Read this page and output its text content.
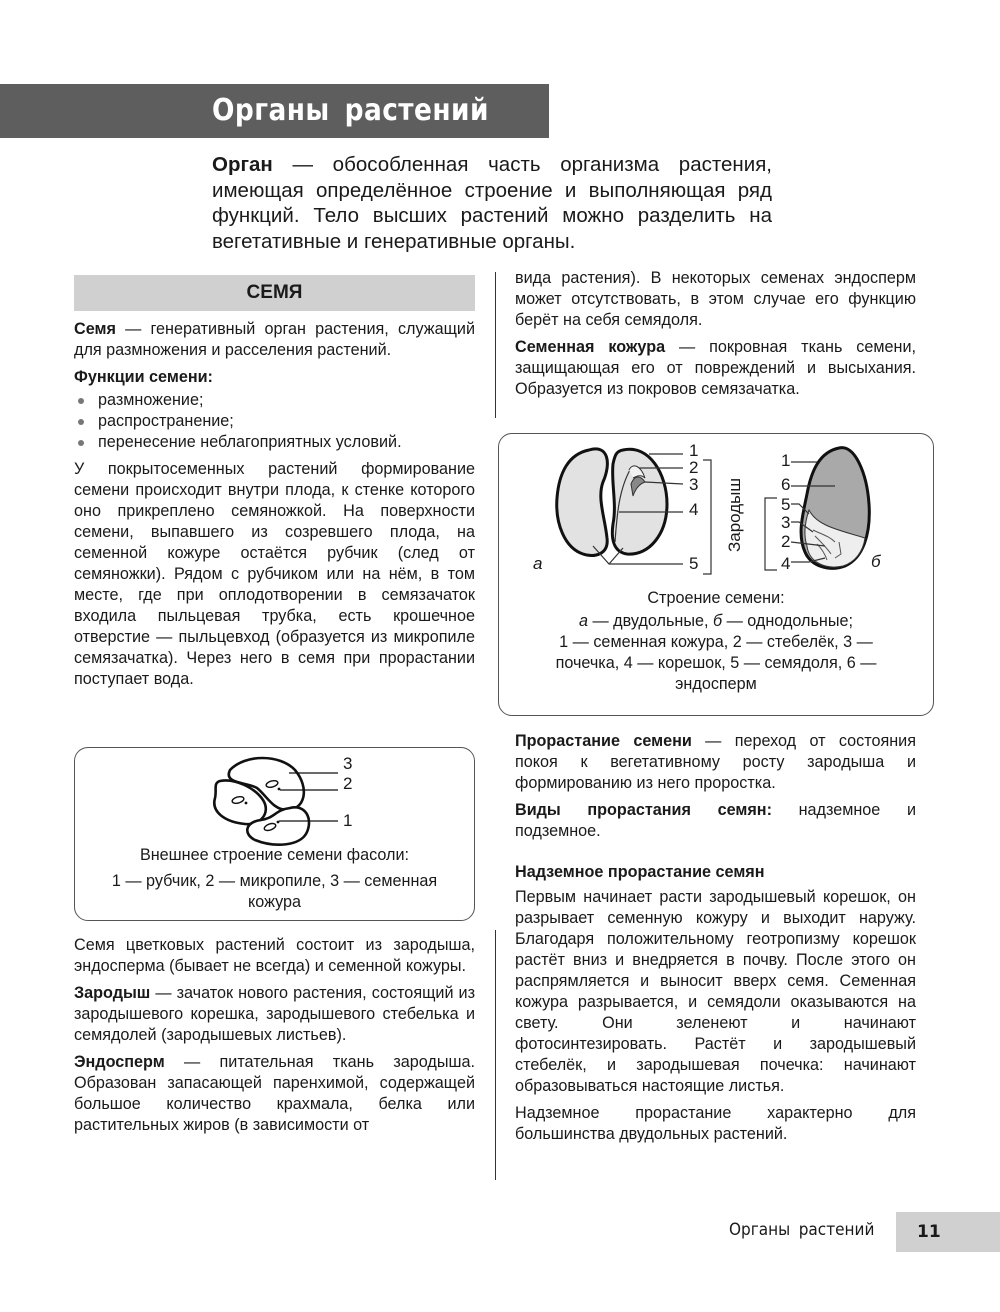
Органы растений
Орган — обособленная часть организма растения, имеющая определённое строение и выполняющая ряд функций. Тело высших растений можно разделить на вегетативные и генеративные органы.
СЕМЯ

Семя — генеративный орган растения, служащий для размножения и расселения растений.

Функции семени:

размножение;
распространение;
перенесение неблагоприятных условий.

У покрытосеменных растений формирование семени происходит внутри плода, к стенке которого оно прикреплено семяножкой. На поверхности семени, выпавшего из созревшего плода, на семенной кожуре остаётся рубчик (след от семяножки). Рядом с рубчиком или на нём, в том месте, где при оплодотворении в семязачаток входила пыльцевая трубка, есть крошечное отверстие — пыльцевход (образуется из микропиле семязачатка). Через него в семя при прорастании поступает вода.

3
2
1
Внешнее строение семени фасоли:
1 — рубчик, 2 — микропиле, 3 — семенная кожура

Семя цветковых растений состоит из зародыша, эндосперма (бывает не всегда) и семенной кожуры.

Зародыш — зачаток нового растения, состоящий из зародышевого корешка, зародышевого стебелька и семядолей (зародышевых листьев).

Эндосперм — питательная ткань зародыша. Образован запасающей паренхимой, содержащей большое количество крахмала, белка или растительных жиров (в зависимости от

вида растения). В некоторых семенах эндосперм может отсутствовать, в этом случае его функцию берёт на себя семядоля.

Семенная кожура — покровная ткань семени, защищающая его от повреждений и высыхания. Образуется из покровов семязачатка.

1
2
3
4
5
а
Зародыш
1
6
5
3
2
4	б
Строение семени:
а — двудольные, б — однодольные;
1 — семенная кожура, 2 — стебелёк, 3 — почечка, 4 — корешок, 5 — семядоля, 6 — эндосперм

Прорастание семени — переход от состояния покоя к вегетативному росту зародыша и формированию из него проростка.

Виды прорастания семян: надземное и подземное.

Надземное прорастание семян

Первым начинает расти зародышевый корешок, он разрывает семенную кожуру и выходит наружу. Благодаря положительному геотропизму корешок растёт вниз и внедряется в почву. После этого он распрямляется и выносит вверх семя. Семенная кожура разрывается, и семядоли оказываются на свету. Они зеленеют и начинают фотосинтезировать. Растёт и зародышевый стебелёк, и зародышевая почечка: начинают образовываться настоящие листья.

Надземное прорастание характерно для большинства двудольных растений.

Органы растений	11
